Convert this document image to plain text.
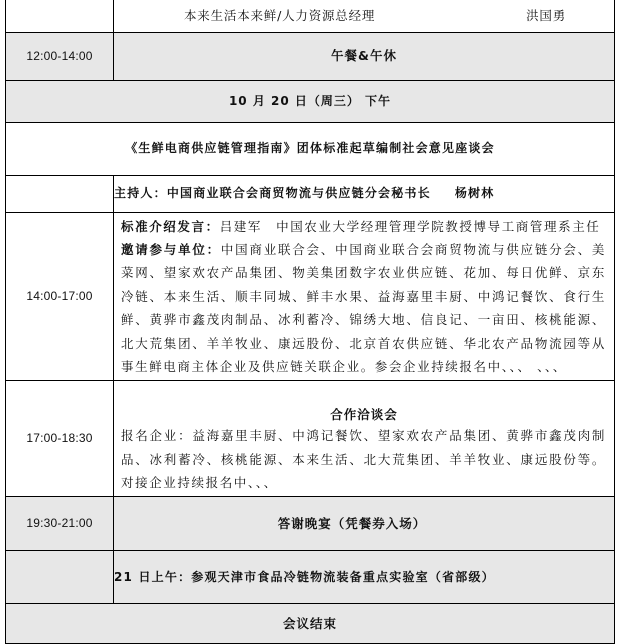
	本来生活本来鲜/人力资源总经理 洪国勇

12:00-14:00	午餐&午休
10 月 20 日（周三） 下午	
《生鲜电商供应链管理指南》团体标准起草编制社会意见座谈会	
	主持人：中国商业联合会商贸物流与供应链分会秘书长 杨树林
14:00-17:00	标准介绍发言：吕建军　中国农业大学经理管理学院教授博导工商管理系主任
邀请参与单位：中国商业联合会、中国商业联合会商贸物流与供应链分会、美菜网、望家欢农产品集团、物美集团数字农业供应链、花加、每日优鲜、京东冷链、本来生活、顺丰同城、鲜丰水果、益海嘉里丰厨、中鸿记餐饮、食行生鲜、黄骅市鑫茂肉制品、冰利蓄冷、锦绣大地、信良记、一亩田、核桃能源、北大荒集团、羊羊牧业、康远股份、北京首农供应链、华北农产品物流园等从事生鲜电商主体企业及供应链关联企业。参会企业持续报名中、、、 、、、

17:00-18:30	合作洽谈会
报名企业：益海嘉里丰厨、中鸿记餐饮、望家欢农产品集团、黄骅市鑫茂肉制品、冰利蓄冷、核桃能源、本来生活、北大荒集团、羊羊牧业、康远股份等。对接企业持续报名中、、、

19:30-21:00	答谢晚宴（凭餐券入场）
	21 日上午：参观天津市食品冷链物流装备重点实验室（省部级）
会议结束	
